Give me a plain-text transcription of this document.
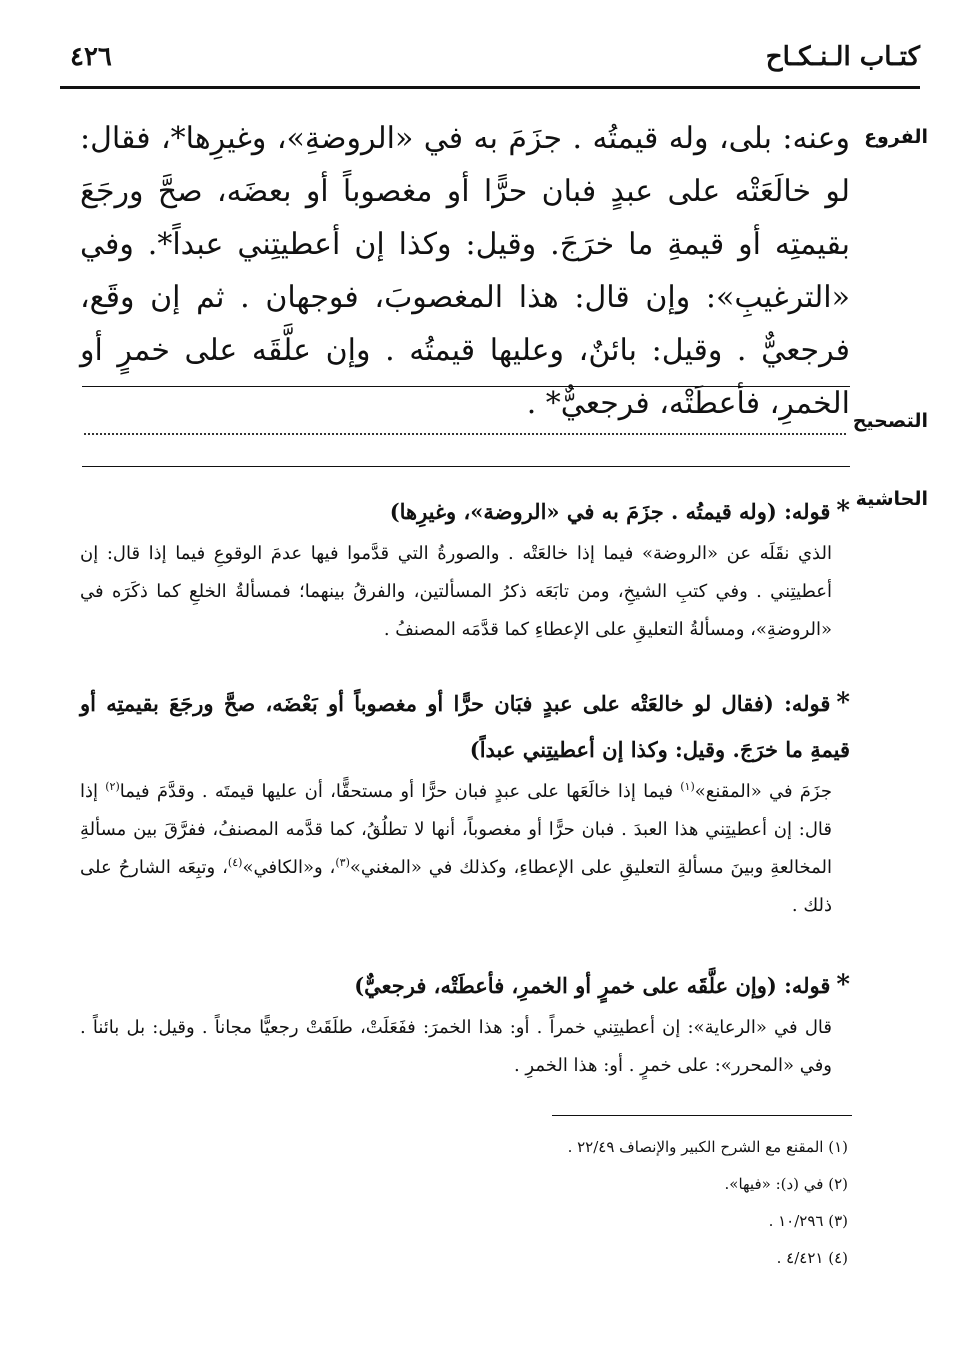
كتـاب الـنـكـاح
٤٢٦
الفروع
التصحيح
الحاشية

وعنه: بلى، وله قيمتُه . جزَمَ به في «الروضةِ»، وغيرِها*، فقال: لو خالَعَتْه على عبدٍ فبان حرًّا أو مغصوباً أو بعضَه، صحَّ ورجَعَ بقيمتِه أو قيمةِ ما خرَجَ. وقيل: وكذا إن أعطيتِني عبداً*. وفي «الترغيبِ»: وإن قال: هذا المغصوبَ، فوجهان . ثم إن وقَع، فرجعيٌّ . وقيل: بائنٌ، وعليها قيمتُه . وإن علَّقَه على خمرٍ أو الخمرِ، فأعطَتْه، فرجعيٌّ* .

*قوله: (وله قيمتُه . جزَمَ به في «الروضة»، وغيرِها)

الذي نقَلَه عن «الروضة» فيما إذا خالعَتْه . والصورةُ التي قدَّموا فيها عدمَ الوقوعِ فيما إذا قال: إن أعطيتِني . وفي كتبِ الشيخِ، ومن تابَعَه ذكرُ المسألتين، والفرقُ بينهما؛ فمسألةُ الخلعِ كما ذكَرَه في «الروضةِ»، ومسألةُ التعليقِ على الإعطاءِ كما قدَّمَه المصنفُ .

*قوله: (فقال لو خالعَتْه على عبدٍ فبَان حرًّا أو مغصوباً أو بَعْضَه، صحَّ ورجَعَ بقيمتِه أو قيمةِ ما خرَجَ. وقيل: وكذا إن أعطيتِني عبداً)

جزَمَ في «المقنع»$^{(١)}$ فيما إذا خالَعَها على عبدٍ فبان حرًّا أو مستحقًّا، أن عليها قيمتَه . وقدَّمَ فيما$^{(٢)}$ إذا قال: إن أعطيتِني هذا العبدَ . فبان حرًّا أو مغصوباً، أنها لا تطلُقُ، كما قدَّمه المصنفُ، ففرَّقَ بين مسألةِ المخالعةِ وبينَ مسألةِ التعليقِ على الإعطاءِ، وكذلك في «المغني»$^{(٣)}$، و«الكافي»$^{(٤)}$، وتبِعَه الشارحُ على ذلك .

*قوله: (وإن علَّقَه على خمرٍ أو الخمرِ، فأعطَتْه، فرجعيٌّ)

قال في «الرعاية»: إن أعطيتِني خمراً . أو: هذا الخمرَ: ففَعَلَتْ، طلَقَتْ رجعيًّا مجاناً . وقيل: بل بائناً . وفي «المحرر»: على خمرٍ . أو: هذا الخمرِ .

(١) المقنع مع الشرح الكبير والإنصاف ٢٢/٤٩ .
(٢) في (د): «فيها».
(٣) ١٠/٢٩٦ .
(٤) ٤/٤٢١ .
